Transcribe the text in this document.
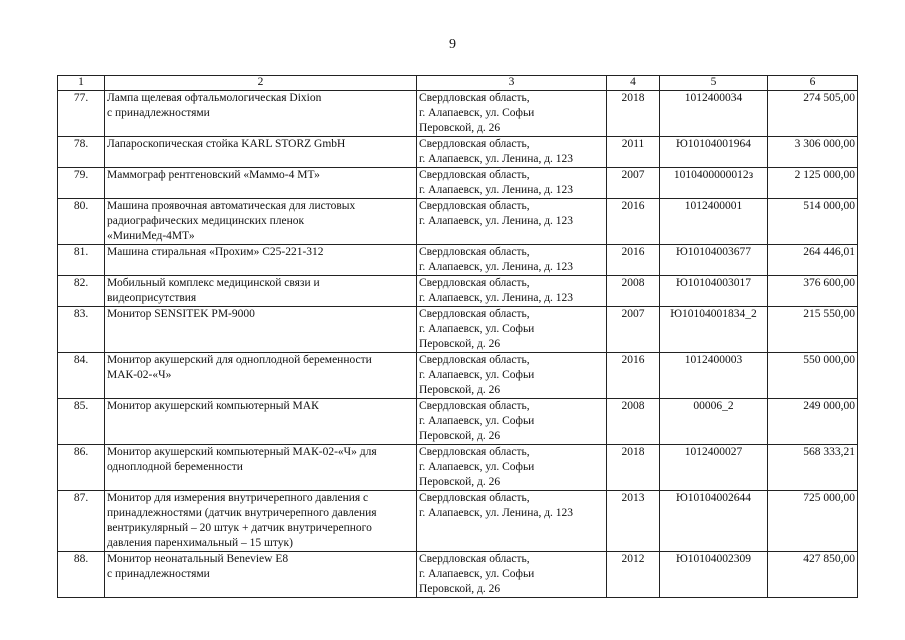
9
1	2	3	4	5	6
77.	Лампа щелевая офтальмологическая Dixion
с принадлежностями	Свердловская область,
г. Алапаевск, ул. Софьи
Перовской, д. 26	2018	1012400034	274 505,00
78.	Лапароскопическая стойка KARL STORZ GmbH	Свердловская область,
г. Алапаевск, ул. Ленина, д. 123	2011	Ю10104001964	3 306 000,00
79.	Маммограф рентгеновский «Маммо-4 МТ»	Свердловская область,
г. Алапаевск, ул. Ленина, д. 123	2007	1010400000012з	2 125 000,00
80.	Машина проявочная автоматическая для листовых
радиографических медицинских пленок
«МиниМед-4МТ»	Свердловская область,
г. Алапаевск, ул. Ленина, д. 123	2016	1012400001	514 000,00
81.	Машина стиральная «Прохим» С25-221-312	Свердловская область,
г. Алапаевск, ул. Ленина, д. 123	2016	Ю10104003677	264 446,01
82.	Мобильный комплекс медицинской связи и
видеоприсутствия	Свердловская область,
г. Алапаевск, ул. Ленина, д. 123	2008	Ю10104003017	376 600,00
83.	Монитор SENSITEK PM-9000	Свердловская область,
г. Алапаевск, ул. Софьи
Перовской, д. 26	2007	Ю10104001834_2	215 550,00
84.	Монитор акушерский для одноплодной беременности
МАК-02-«Ч»	Свердловская область,
г. Алапаевск, ул. Софьи
Перовской, д. 26	2016	1012400003	550 000,00
85.	Монитор акушерский компьютерный МАК	Свердловская область,
г. Алапаевск, ул. Софьи
Перовской, д. 26	2008	00006_2	249 000,00
86.	Монитор акушерский компьютерный МАК-02-«Ч» для
одноплодной беременности	Свердловская область,
г. Алапаевск, ул. Софьи
Перовской, д. 26	2018	1012400027	568 333,21
87.	Монитор для измерения внутричерепного давления с
принадлежностями (датчик внутричерепного давления
вентрикулярный – 20 штук + датчик внутричерепного
давления паренхимальный – 15 штук)	Свердловская область,
г. Алапаевск, ул. Ленина, д. 123	2013	Ю10104002644	725 000,00
88.	Монитор неонатальный Beneview E8
с принадлежностями	Свердловская область,
г. Алапаевск, ул. Софьи
Перовской, д. 26	2012	Ю10104002309	427 850,00
